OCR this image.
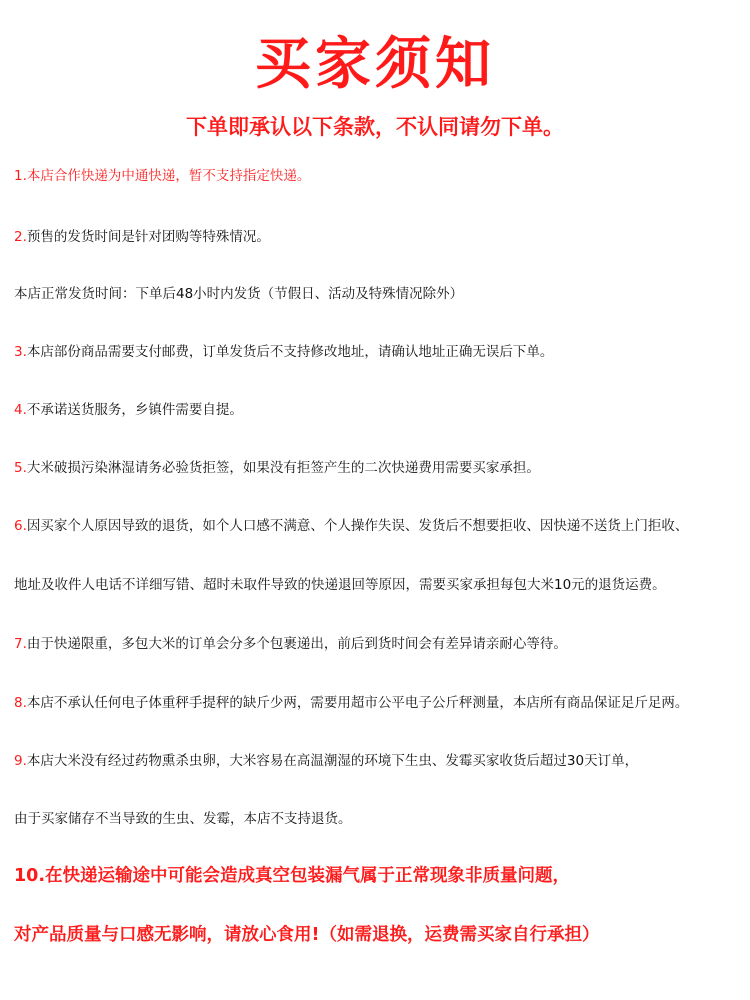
买家须知
下单即承认以下条款，不认同请勿下单。
1.本店合作快递为中通快递，暂不支持指定快递。
2.预售的发货时间是针对团购等特殊情况。
本店正常发货时间：下单后48小时内发货（节假日、活动及特殊情况除外）
3.本店部份商品需要支付邮费，订单发货后不支持修改地址，请确认地址正确无误后下单。
4.不承诺送货服务，乡镇件需要自提。
5.大米破损污染淋湿请务必验货拒签，如果没有拒签产生的二次快递费用需要买家承担。
6.因买家个人原因导致的退货，如个人口感不满意、个人操作失误、发货后不想要拒收、因快递不送货上门拒收、
地址及收件人电话不详细写错、超时未取件导致的快递退回等原因，需要买家承担每包大米10元的退货运费。
7.由于快递限重，多包大米的订单会分多个包裹递出，前后到货时间会有差异请亲耐心等待。
8.本店不承认任何电子体重秤手提秤的缺斤少两，需要用超市公平电子公斤秤测量，本店所有商品保证足斤足两。
9.本店大米没有经过药物熏杀虫卵，大米容易在高温潮湿的环境下生虫、发霉买家收货后超过30天订单，
由于买家储存不当导致的生虫、发霉，本店不支持退货。
10.在快递运输途中可能会造成真空包装漏气属于正常现象非质量问题，
对产品质量与口感无影响，请放心食用!（如需退换，运费需买家自行承担）
